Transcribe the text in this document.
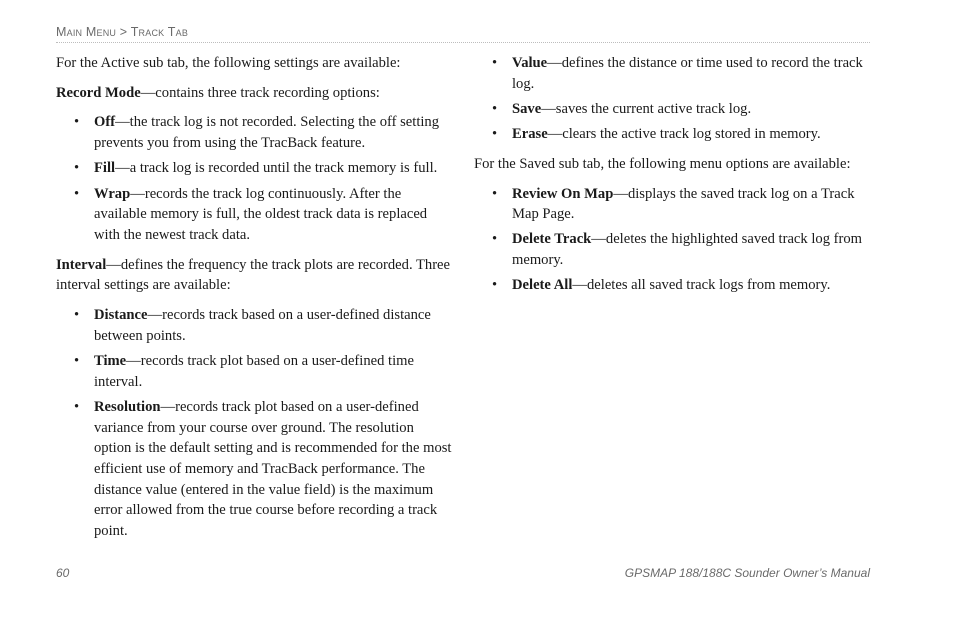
Main Menu > Track Tab

For the Active sub tab, the following settings are available:

Record Mode—contains three track recording options:

• Off—the track log is not recorded. Selecting the off setting prevents you from using the TracBack feature.
• Fill—a track log is recorded until the track memory is full.
• Wrap—records the track log continuously. After the available memory is full, the oldest track data is replaced with the newest track data.

Interval—defines the frequency the track plots are recorded. Three interval settings are available:

• Distance—records track based on a user-defined distance between points.
• Time—records track plot based on a user-defined time interval.
• Resolution—records track plot based on a user-defined variance from your course over ground. The resolution option is the default setting and is recommended for the most efficient use of memory and TracBack performance. The distance value (entered in the value field) is the maximum error allowed from the true course before recording a track point.
• Value—defines the distance or time used to record the track log.
• Save—saves the current active track log.
• Erase—clears the active track log stored in memory.

For the Saved sub tab, the following menu options are available:

• Review On Map—displays the saved track log on a Track Map Page.
• Delete Track—deletes the highlighted saved track log from memory.
• Delete All—deletes all saved track logs from memory.
60	GPSMAP 188/188C Sounder Owner’s Manual
